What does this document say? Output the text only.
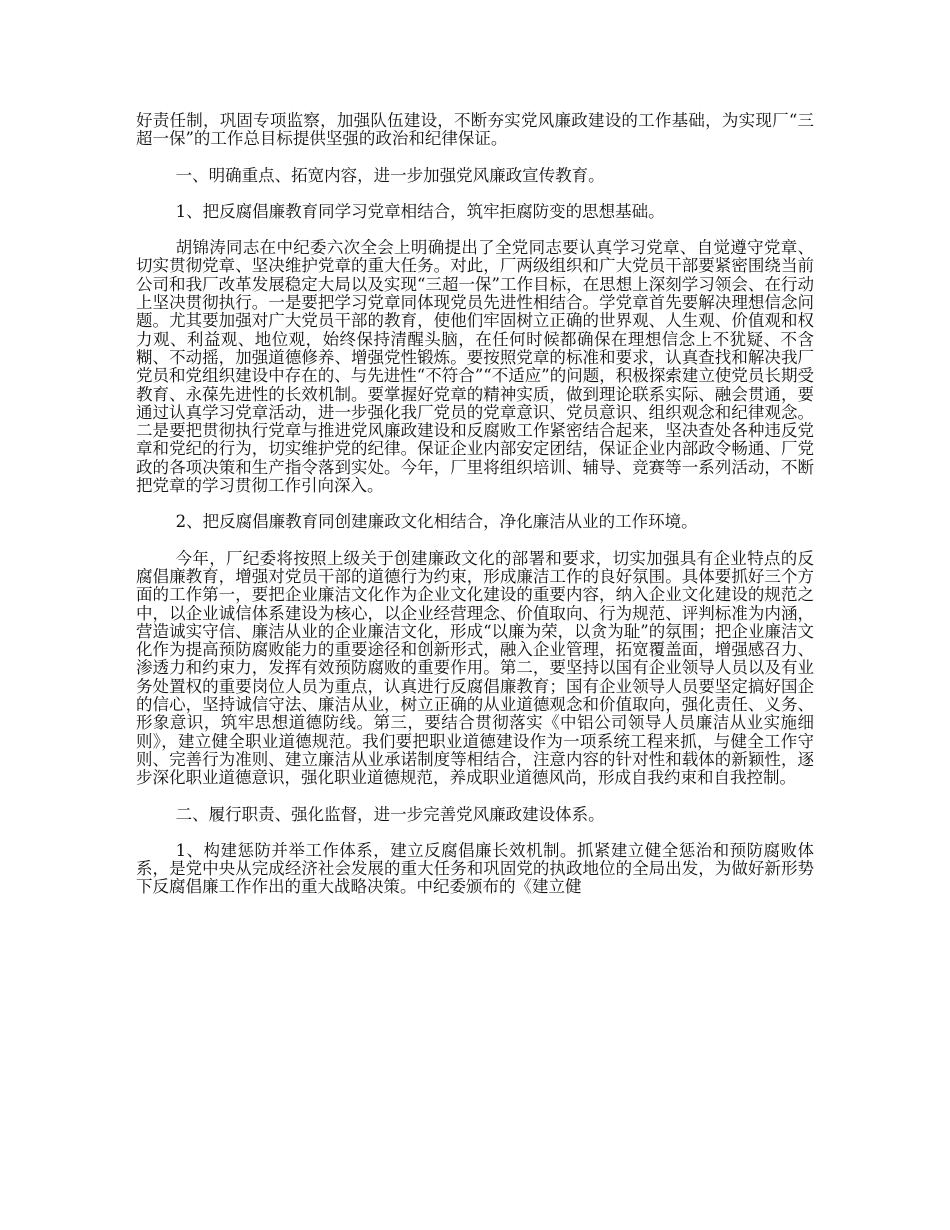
好责任制，巩固专项监察，加强队伍建设，不断夯实党风廉政建设的工作基础，为实现厂“三超一保”的工作总目标提供坚强的政治和纪律保证。

一、明确重点、拓宽内容，进一步加强党风廉政宣传教育。

1、把反腐倡廉教育同学习党章相结合，筑牢拒腐防变的思想基础。

胡锦涛同志在中纪委六次全会上明确提出了全党同志要认真学习党章、自觉遵守党章、切实贯彻党章、坚决维护党章的重大任务。对此，厂两级组织和广大党员干部要紧密围绕当前公司和我厂改革发展稳定大局以及实现“三超一保”工作目标，在思想上深刻学习领会、在行动上坚决贯彻执行。一是要把学习党章同体现党员先进性相结合。学党章首先要解决理想信念问题。尤其要加强对广大党员干部的教育，使他们牢固树立正确的世界观、人生观、价值观和权力观、利益观、地位观，始终保持清醒头脑，在任何时候都确保在理想信念上不犹疑、不含糊、不动摇，加强道德修养、增强党性锻炼。要按照党章的标准和要求，认真查找和解决我厂党员和党组织建设中存在的、与先进性“不符合”“不适应”的问题，积极探索建立使党员长期受教育、永葆先进性的长效机制。要掌握好党章的精神实质，做到理论联系实际、融会贯通，要通过认真学习党章活动，进一步强化我厂党员的党章意识、党员意识、组织观念和纪律观念。二是要把贯彻执行党章与推进党风廉政建设和反腐败工作紧密结合起来，坚决查处各种违反党章和党纪的行为，切实维护党的纪律。保证企业内部安定团结，保证企业内部政令畅通、厂党政的各项决策和生产指令落到实处。今年，厂里将组织培训、辅导、竞赛等一系列活动，不断把党章的学习贯彻工作引向深入。

2、把反腐倡廉教育同创建廉政文化相结合，净化廉洁从业的工作环境。

今年，厂纪委将按照上级关于创建廉政文化的部署和要求，切实加强具有企业特点的反腐倡廉教育，增强对党员干部的道德行为约束，形成廉洁工作的良好氛围。具体要抓好三个方面的工作第一，要把企业廉洁文化作为企业文化建设的重要内容，纳入企业文化建设的规范之中，以企业诚信体系建设为核心，以企业经营理念、价值取向、行为规范、评判标准为内涵，营造诚实守信、廉洁从业的企业廉洁文化，形成“以廉为荣，以贪为耻”的氛围；把企业廉洁文化作为提高预防腐败能力的重要途径和创新形式，融入企业管理，拓宽覆盖面，增强感召力、渗透力和约束力，发挥有效预防腐败的重要作用。第二，要坚持以国有企业领导人员以及有业务处置权的重要岗位人员为重点，认真进行反腐倡廉教育；国有企业领导人员要坚定搞好国企的信心，坚持诚信守法、廉洁从业，树立正确的从业道德观念和价值取向，强化责任、义务、形象意识，筑牢思想道德防线。第三，要结合贯彻落实《中铝公司领导人员廉洁从业实施细则》，建立健全职业道德规范。我们要把职业道德建设作为一项系统工程来抓，与健全工作守则、完善行为准则、建立廉洁从业承诺制度等相结合，注意内容的针对性和载体的新颖性，逐步深化职业道德意识，强化职业道德规范，养成职业道德风尚，形成自我约束和自我控制。

二、履行职责、强化监督，进一步完善党风廉政建设体系。

1、构建惩防并举工作体系，建立反腐倡廉长效机制。抓紧建立健全惩治和预防腐败体系，是党中央从完成经济社会发展的重大任务和巩固党的执政地位的全局出发，为做好新形势下反腐倡廉工作作出的重大战略决策。中纪委颁布的《建立健
